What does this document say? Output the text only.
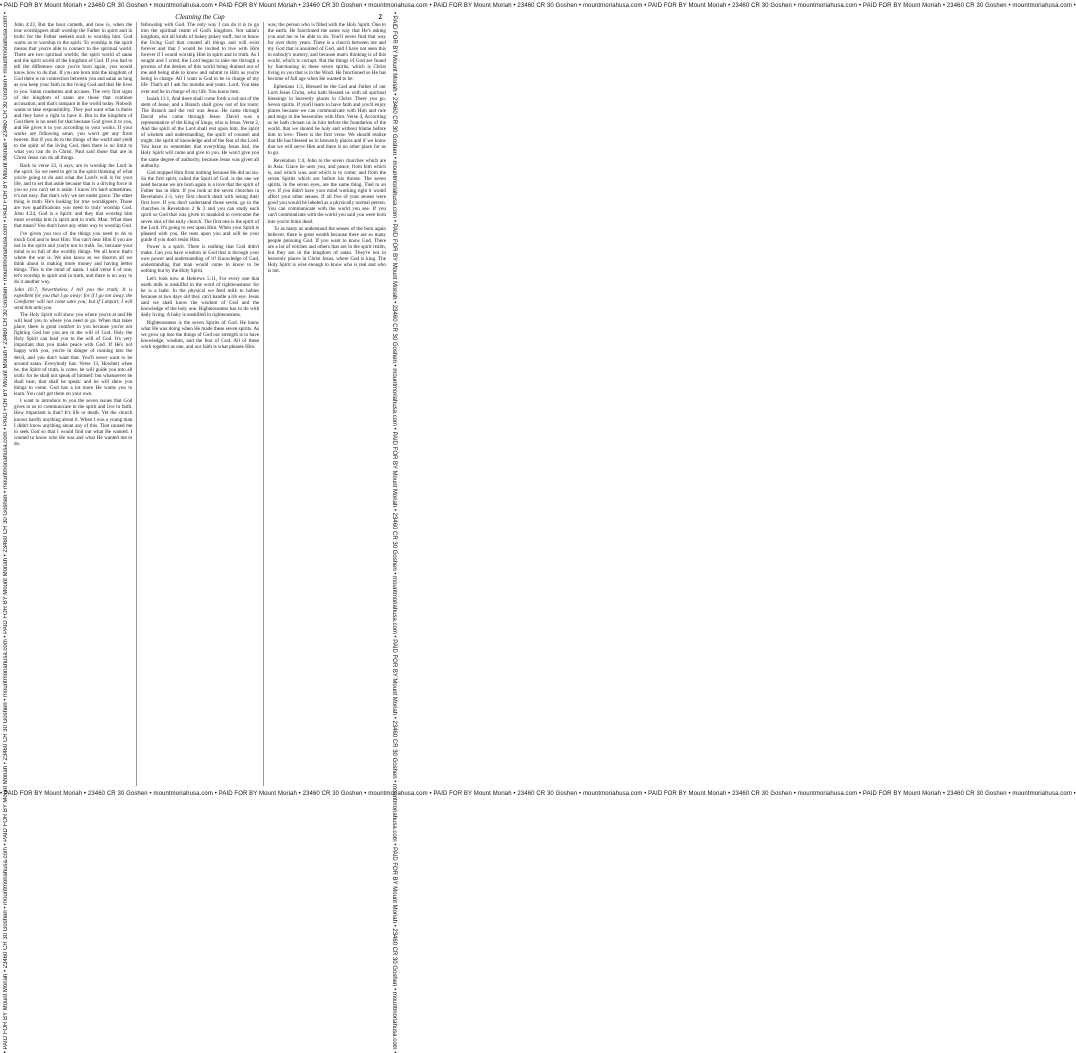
• PAID FOR BY Mount Moriah • 23460 CR 30 Goshen • mountmoriahusa.com • PAID FOR BY Mount Moriah • 23460 CR 30 Goshen • mountmoriahusa.com • PAID FOR BY Mount Moriah • 23460 CR 30 Goshen • mountmoriahusa.com • PAID FOR BY Mount Moriah • 23460 CR 30 Goshen • mountmoriahusa.com • PAID FOR BY Mount Moriah • 23460 CR 30 Goshen • mountmoriahusa.com •
• PAID FOR BY Mount Moriah • 23460 CR 30 Goshen • mountmoriahusa.com • PAID FOR BY Mount Moriah • 23460 CR 30 Goshen • mountmoriahusa.com • PAID FOR BY Mount Moriah • 23460 CR 30 Goshen • mountmoriahusa.com • PAID FOR BY Mount Moriah • 23460 CR 30 Goshen • mountmoriahusa.com • PAID FOR BY Mount Moriah • 23460 CR 30 Goshen • mountmoriahusa.com •	• PAID FOR BY Mount Moriah • 23460 CR 30 Goshen • mountmoriahusa.com • PAID FOR BY Mount Moriah • 23460 CR 30 Goshen • mountmoriahusa.com • PAID FOR BY Mount Moriah • 23460 CR 30 Goshen • mountmoriahusa.com • PAID FOR BY Mount Moriah • 23460 CR 30 Goshen • mountmoriahusa.com • PAID FOR BY Mount Moriah • 23460 CR 30 Goshen • mountmoriahusa.com •
• PAID FOR BY Mount Moriah • 23460 CR 30 Goshen • mountmoriahusa.com • PAID FOR BY Mount Moriah • 23460 CR 30 Goshen • mountmoriahusa.com • PAID FOR BY Mount Moriah • 23460 CR 30 Goshen • mountmoriahusa.com • PAID FOR BY Mount Moriah • 23460 CR 30 Goshen • mountmoriahusa.com • PAID FOR BY Mount Moriah • 23460 CR 30 Goshen • mountmoriahusa.com •
Cleaning the Cup	2

John 4:23, But the hour cometh, and now is, when the true worshippers shall worship the Father in spirit and in truth: for the Father seeketh such to worship him. God wants us to worship in the spirit. To worship in the spirit means that you're able to connect to the spiritual world. There are two spiritual worlds; the spirit world of satan and the spirit world of the kingdom of God. If you had to tell the difference once you're born again, you would know how to do that. If you are born into the kingdom of God there is no connection between you and satan as long as you keep your faith in the living God and that He lives in you. Satan condemns and accuses. The very first signs of the kingdom of satan are those that continue accusation, and that's rampant in the world today. Nobody wants to take responsibility. They just want what is theirs and they have a right to have it. But in the kingdom of God there is no need for that because God gives it to you, and He gives it to you according to your works. If your works are following satan, you won't get any from heaven. But if you do to the things of the world and yield to the spirit of the living God, then there is no limit to what you can do in Christ. Paul said those that are in Christ Jesus can do all things.

Back to verse 23, it says, are to worship the Lord in the spirit. So we need to get in the spirit thinking of what you're going to do and what the Lord's will is for your life, and to set that aside because that is a driving force in you so you can't set it aside. I know it's hard sometimes; it's not easy. But that's why we are under grace. The other thing is truth. He's looking for true worshippers. Those are two qualifications you need to truly worship God. John 4:24, God is a Spirit: and they that worship him must worship him in spirit and in truth. Man: What does that mean? You don't have any other way to worship God.

I've given you two of the things you need to do to touch God and to hear Him. You can't hear Him if you are not in the spirit and you're not in truth. So, because your mind is so full of the worldly things. We all know that's where the war is. We also know as we discern all we think about is making more money and having better things. This is the mind of satan. I said verse 6 of one; let's worship in spirit and in truth, and there is no way to do it another way.

John 16:7, Nevertheless I tell you the truth; It is expedient for you that I go away: for if I go not away, the Comforter will not come unto you; but if I depart, I will send him unto you.

The Holy Spirit will show you where you're at and He will lead you to where you need to go. When that takes place, there is great comfort in you because you're not fighting God but you are in the will of God. Only the Holy Spirit can lead you to the will of God. It's very important that you make peace with God. If He's not happy with you, you're in danger of running into the devil, and you don't want that. You'll never want to be around satan. Everybody has. Verse 13, Howbeit when he, the Spirit of truth, is come, he will guide you into all truth: for he shall not speak of himself; but whatsoever he shall hear, that shall he speak: and he will shew you things to come. God has a lot more He wants you to learn. You can't get there on your own.

I want to introduce to you the seven issues that God gives to us to communicate in the spirit and live in faith. How important is that? It's life or death. Yet the church knows hardly anything about it. When I was a young man I didn't know anything about any of this. That caused me to seek God so that I would find out what He wanted. I wanted to know who He was and what He wanted me to do.

fellowship with God. The only way I can do it is to go into the spiritual realm of God's kingdom. Not satan's kingdom, not all kinds of hokey pokey stuff, but to know the living God that created all things and will exist forever and that I would be invited to live with Him forever if I would worship Him in spirit and in truth. As I sought and I cried, the Lord began to take me through a process of the desires of this world being drained out of me and being able to know and submit to Him as you're being in charge. All I want is God to be in charge of my life. That's all I ask for months and years. Lord, You take over and be in charge of my life. You know best.

Isaiah 11:1, And there shall come forth a rod out of the stem of Jesse, and a Branch shall grow out of his roots: The Branch and the rod was Jesus. He came through David who came through Jesse. David was a representative of the King of kings, who is Jesus. Verse 2, And the spirit of the Lord shall rest upon him, the spirit of wisdom and understanding, the spirit of counsel and might, the spirit of knowledge and of the fear of the Lord. You have to remember that everything Jesus had, the Holy Spirit will come and give to you. He won't give you the same degree of authority, because Jesus was given all authority.

God stopped Him from nothing because He did no sin. So the first spirit, called the Spirit of God, is the one we need because we are born again is a love that the spirit of Father has in Him. If you look at the seven churches in Revelation 2-3, very first church dealt with losing their first love. If you don't understand those seven, go to the churches in Revelation 2 & 3 and you can study each spirit so God that was given to mankind to overcome the seven sins of the early church. The first one is the spirit of the Lord. It's going to rest upon Him. When your Spirit is pleased with you, He rests upon you and will be your guide if you don't resist Him.

Power is a spirit. There is nothing that God didn't make. Can you have wisdom in God that is through your own power and understanding of it? Knowledge of God, understanding that man would come to know to be nothing but by the Holy Spirit.

Let's look now at Hebrews 5:11, For every one that useth milk is unskilful in the word of righteousness: for he is a babe. In the physical we feed milk to babies because at two days old they can't handle a rib eye. Jesus said we shall know the wisdom of God and the knowledge of the holy one. Righteousness has to do with daily living. A baby is unskilled in righteousness.

Righteousness is the seven Spirits of God. He knew what He was doing when He made these seven spirits. As we grow up into the things of God our strength is to have knowledge, wisdom, and the fear of God. All of these work together as one, and our faith is what pleases Him.

was; the person who is filled with the Holy Spirit. One to the earth. He functioned the same way that He's asking you and me to be able to do. You'll never find that way for over thirty years. There is a church between me and my God that is anointed of God, and I have not seen this in nobody's nursery, and because man's thinking is of this world, which is corrupt. But the things of God are found by functioning in these seven spirits, which is Christ living in you that is in the Word. He functioned so He has become of full age when He wanted to be.

Ephesians 1:3, Blessed be the God and Father of our Lord Jesus Christ, who hath blessed us with all spiritual blessings in heavenly places in Christ: There you go. Seven spirits. If you'll learn to have faith and you'll enjoy places because we can communicate with Him and rule and reign in the heavenlies with Him. Verse 4, According as he hath chosen us in him before the foundation of the world, that we should be holy and without blame before him in love: There is the first verse. We should realize that He has blessed us in heavenly places and if we know that we will serve Him and there is no other place for us to go.

Revelation 1:4, John to the seven churches which are in Asia: Grace be unto you, and peace, from him which is, and which was, and which is to come; and from the seven Spirits which are before his throne. The seven spirits, in the seven eyes, are the same thing. Tied to an eye. If you didn't have your mind working right it would affect your other senses. If all five of your senses were good you would be labeled as a physically normal person. You can communicate with the world you see. If you can't communicate with the world you said you were born into you're brain dead.

To as many as understand the senses of the born again believer, there is great wealth because there are so many people pursuing God. If you want to know God. There are a lot of witches and others that are in the spirit realm, but they are in the kingdom of satan. They're not in heavenly places in Christ Jesus, where God is king. The Holy Spirit is wise enough to know who is real and who is not.
